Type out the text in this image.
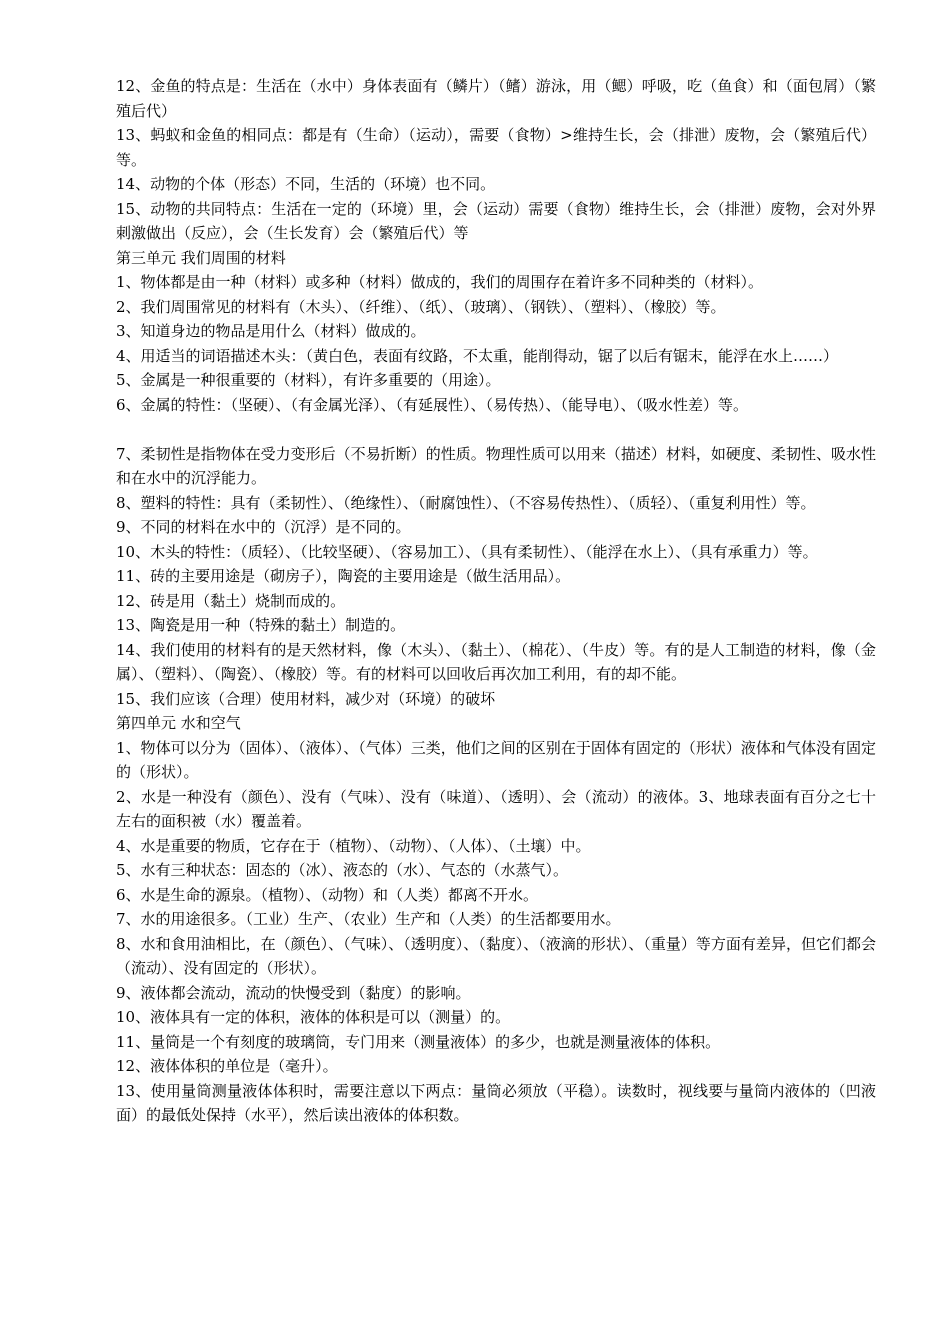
12、金鱼的特点是：生活在（水中）身体表面有（鳞片）（鳍）游泳，用（鳃）呼吸，吃（鱼食）和（面包屑）（繁殖后代）

13、蚂蚁和金鱼的相同点：都是有（生命）（运动），需要（食物）>维持生长，会（排泄）废物，会（繁殖后代）等。

14、动物的个体（形态）不同，生活的（环境）也不同。

15、动物的共同特点：生活在一定的（环境）里，会（运动）需要（食物）维持生长，会（排泄）废物，会对外界刺激做出（反应），会（生长发育）会（繁殖后代）等

第三单元 我们周围的材料

1、物体都是由一种（材料）或多种（材料）做成的，我们的周围存在着许多不同种类的（材料）。

2、我们周围常见的材料有（木头）、（纤维）、（纸）、（玻璃）、（钢铁）、（塑料）、（橡胶）等。

3、知道身边的物品是用什么（材料）做成的。

4、用适当的词语描述木头：（黄白色，表面有纹路，不太重，能削得动，锯了以后有锯末，能浮在水上……）

5、金属是一种很重要的（材料），有许多重要的（用途）。

6、金属的特性：（坚硬）、（有金属光泽）、（有延展性）、（易传热）、（能导电）、（吸水性差）等。

7、柔韧性是指物体在受力变形后（不易折断）的性质。物理性质可以用来（描述）材料，如硬度、柔韧性、吸水性和在水中的沉浮能力。

8、塑料的特性：具有（柔韧性）、（绝缘性）、（耐腐蚀性）、（不容易传热性）、（质轻）、（重复利用性）等。

9、不同的材料在水中的（沉浮）是不同的。

10、木头的特性：（质轻）、（比较坚硬）、（容易加工）、（具有柔韧性）、（能浮在水上）、（具有承重力）等。

11、砖的主要用途是（砌房子），陶瓷的主要用途是（做生活用品）。

12、砖是用（黏土）烧制而成的。

13、陶瓷是用一种（特殊的黏土）制造的。

14、我们使用的材料有的是天然材料，像（木头）、（黏土）、（棉花）、（牛皮）等。有的是人工制造的材料，像（金属）、（塑料）、（陶瓷）、（橡胶）等。有的材料可以回收后再次加工利用，有的却不能。

15、我们应该（合理）使用材料，减少对（环境）的破坏

第四单元 水和空气

1、物体可以分为（固体）、（液体）、（气体）三类，他们之间的区别在于固体有固定的（形状）液体和气体没有固定的（形状）。

2、水是一种没有（颜色）、没有（气味）、没有（味道）、（透明）、会（流动）的液体。3、地球表面有百分之七十左右的面积被（水）覆盖着。

4、水是重要的物质，它存在于（植物）、（动物）、（人体）、（土壤）中。

5、水有三种状态：固态的（冰）、液态的（水）、气态的（水蒸气）。

6、水是生命的源泉。（植物）、（动物）和（人类）都离不开水。

7、水的用途很多。（工业）生产、（农业）生产和（人类）的生活都要用水。

8、水和食用油相比，在（颜色）、（气味）、（透明度）、（黏度）、（液滴的形状）、（重量）等方面有差异，但它们都会（流动）、没有固定的（形状）。

9、液体都会流动，流动的快慢受到（黏度）的影响。

10、液体具有一定的体积，液体的体积是可以（测量）的。

11、量筒是一个有刻度的玻璃筒，专门用来（测量液体）的多少，也就是测量液体的体积。

12、液体体积的单位是（毫升）。

13、使用量筒测量液体体积时，需要注意以下两点：量筒必须放（平稳）。读数时，视线要与量筒内液体的（凹液面）的最低处保持（水平），然后读出液体的体积数。
